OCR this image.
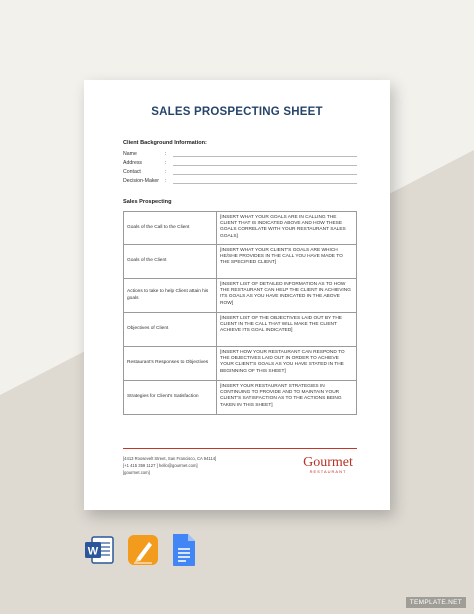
SALES PROSPECTING SHEET
Client Background Information:
Name	:
Address	:
Contact	:
Decision-Maker :
Sales Prospecting
Goals of the Call to the Client	[INSERT WHAT YOUR GOALS ARE IN CALLING THE CLIENT THAT IS INDICATED ABOVE AND HOW THESE GOALS CORRELATE WITH YOUR RESTAURANT SALES GOALS]
Goals of the Client	[INSERT WHAT YOUR CLIENT'S GOALS ARE WHICH HE/SHE PROVIDES IN THE CALL YOU HAVE MADE TO THE SPECIFIED CLIENT]
Actions to take to help Client attain his goals	[INSERT LIST OF DETAILED INFORMATION AS TO HOW THE RESTAURANT CAN HELP THE CLIENT IN ACHIEVING ITS GOALS AS YOU HAVE INDICATED IN THE ABOVE ROW]
Objectives of Client	[INSERT LIST OF THE OBJECTIVES LAID OUT BY THE CLIENT IN THE CALL THAT WILL MAKE THE CLIENT ACHIEVE ITS GOAL INDICATED]
Restaurant's Responses to Objectives	[INSERT HOW YOUR RESTAURANT CAN RESPOND TO THE OBJECTIVES LAID OUT IN ORDER TO ACHIEVE YOUR CLIENT'S GOALS AS YOU HAVE STATED IN THE BEGINNING OF THIS SHEET]
Strategies for Client's Satisfaction	[INSERT YOUR RESTAURANT STRATEGIES IN CONTINUING TO PROVIDE AND TO MAINTAIN YOUR CLIENT'S SATISFACTION AS TO THE ACTIONS BEING TAKEN IN THIS SHEET]
[4413 Roosevelt Street, San Francisco, CA 94114]
[+1 415 359 1127 ] hello@gourmet.com]
[gourmet.com]
Gourmet
RESTAURANT
W
TEMPLATE.NET
